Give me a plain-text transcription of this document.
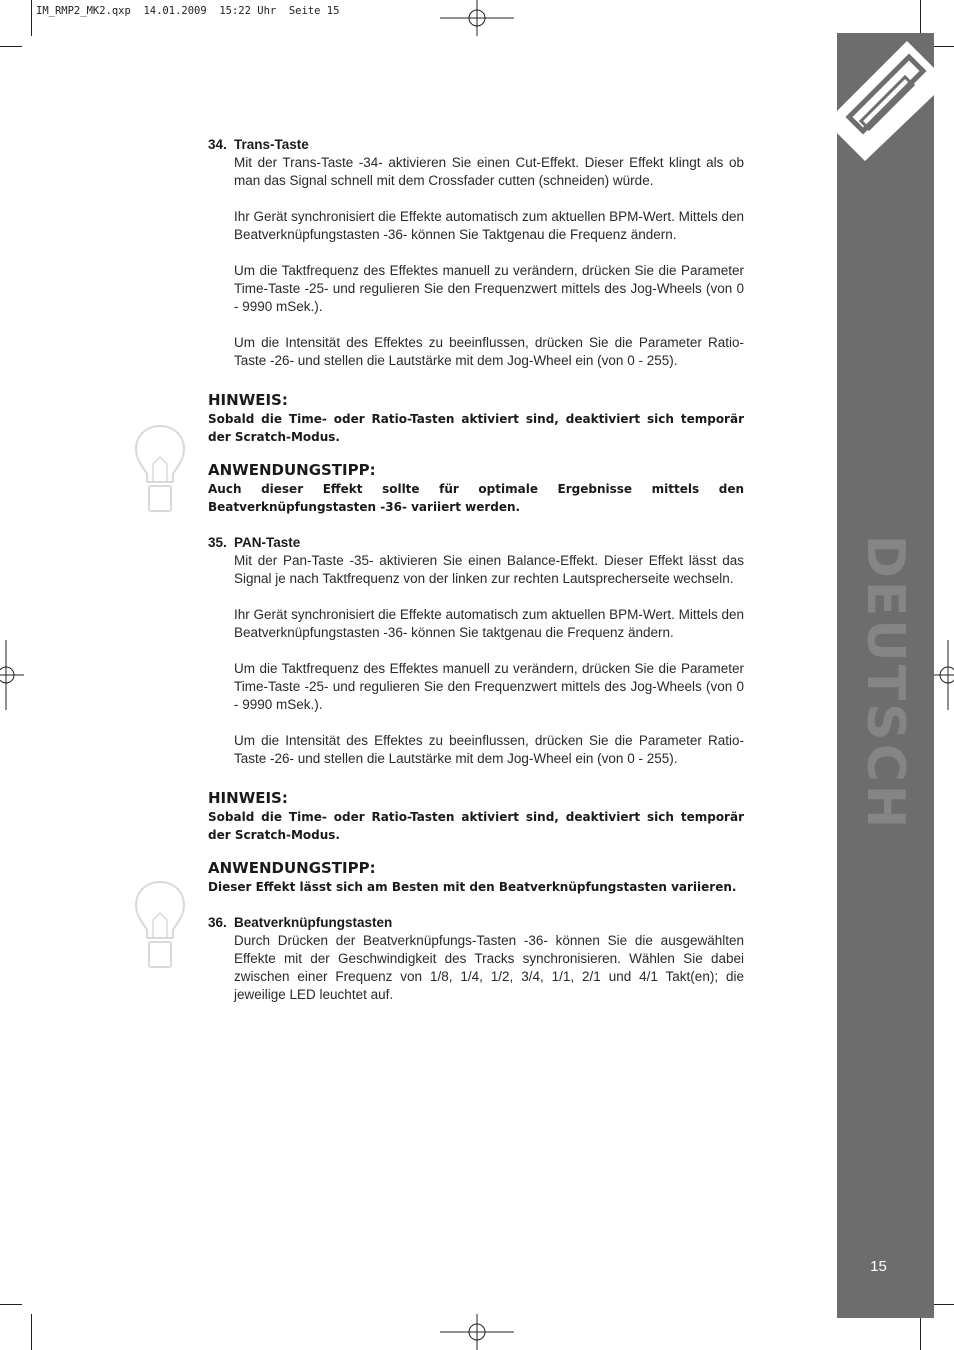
IM_RMP2_MK2.qxp  14.01.2009  15:22 Uhr  Seite 15
DEUTSCH
15
34. Trans-Taste
Mit der Trans-Taste -34- aktivieren Sie einen Cut-Effekt. Dieser Effekt klingt als ob man das Signal schnell mit dem Crossfader cutten (schneiden) würde.
Ihr Gerät synchronisiert die Effekte automatisch zum aktuellen BPM-Wert. Mittels den Beatverknüpfungstasten -36- können Sie Taktgenau die Frequenz ändern.
Um die Taktfrequenz des Effektes manuell zu verändern, drücken Sie die Parameter Time-Taste -25- und regulieren Sie den Frequenzwert mittels des Jog-Wheels (von 0 - 9990 mSek.).
Um die Intensität des Effektes zu beeinflussen, drücken Sie die Parameter Ratio-Taste -26- und stellen die Lautstärke mit dem Jog-Wheel ein (von 0 - 255).
HINWEIS:
Sobald die Time- oder Ratio-Tasten aktiviert sind, deaktiviert sich temporär der Scratch-Modus.
ANWENDUNGSTIPP:
Auch dieser Effekt sollte für optimale Ergebnisse mittels den Beatverknüpfungstasten -36- variiert werden.
35. PAN-Taste
Mit der Pan-Taste -35- aktivieren Sie einen Balance-Effekt. Dieser Effekt lässt das Signal je nach Taktfrequenz von der linken zur rechten Lautsprecherseite wechseln.
Ihr Gerät synchronisiert die Effekte automatisch zum aktuellen BPM-Wert. Mittels den Beatverknüpfungstasten -36- können Sie taktgenau die Frequenz ändern.
Um die Taktfrequenz des Effektes manuell zu verändern, drücken Sie die Parameter Time-Taste -25- und regulieren Sie den Frequenzwert mittels des Jog-Wheels (von 0 - 9990 mSek.).
Um die Intensität des Effektes zu beeinflussen, drücken Sie die Parameter Ratio-Taste -26- und stellen die Lautstärke mit dem Jog-Wheel ein (von 0 - 255).
HINWEIS:
Sobald die Time- oder Ratio-Tasten aktiviert sind, deaktiviert sich temporär der Scratch-Modus.
ANWENDUNGSTIPP:
Dieser Effekt lässt sich am Besten mit den Beatverknüpfungstasten variieren.
36. Beatverknüpfungstasten
Durch Drücken der Beatverknüpfungs-Tasten -36- können Sie die ausgewählten Effekte mit der Geschwindigkeit des Tracks synchronisieren. Wählen Sie dabei zwischen einer Frequenz von 1/8, 1/4, 1/2, 3/4, 1/1, 2/1 und 4/1 Takt(en); die jeweilige LED leuchtet auf.
